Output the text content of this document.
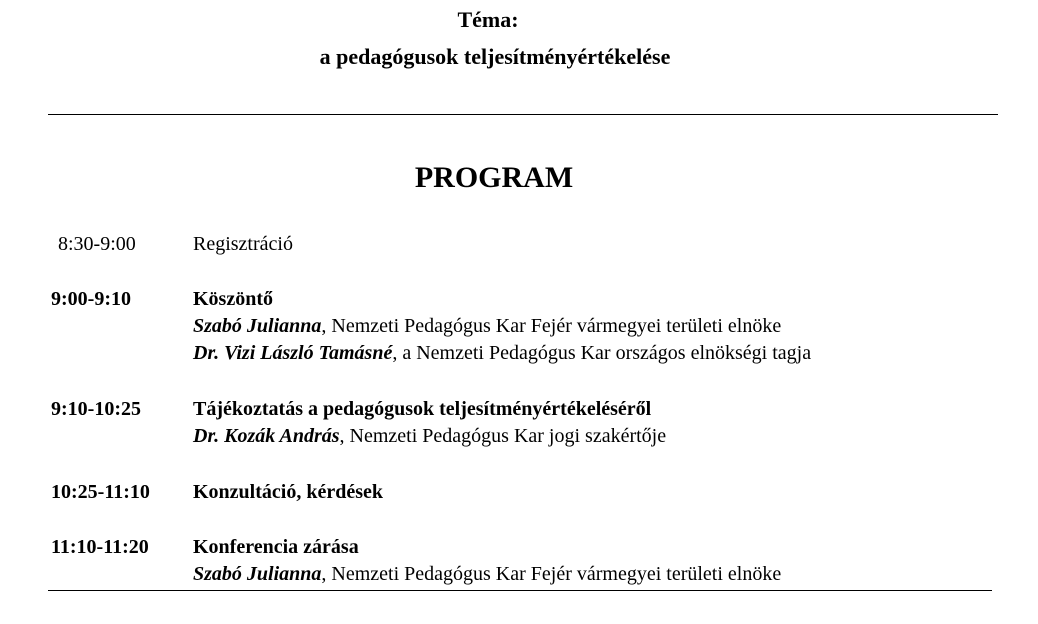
Téma:
a pedagógusok teljesítményértékelése
PROGRAM
8:30-9:00	Regisztráció
9:00-9:10	Köszöntő
Szabó Julianna, Nemzeti Pedagógus Kar Fejér vármegyei területi elnöke
Dr. Vizi László Tamásné, a Nemzeti Pedagógus Kar országos elnökségi tagja
9:10-10:25	Tájékoztatás a pedagógusok teljesítményértékeléséről
Dr. Kozák András, Nemzeti Pedagógus Kar jogi szakértője
10:25-11:10 Konzultáció, kérdések
11:10-11:20 Konferencia zárása
Szabó Julianna, Nemzeti Pedagógus Kar Fejér vármegyei területi elnöke
